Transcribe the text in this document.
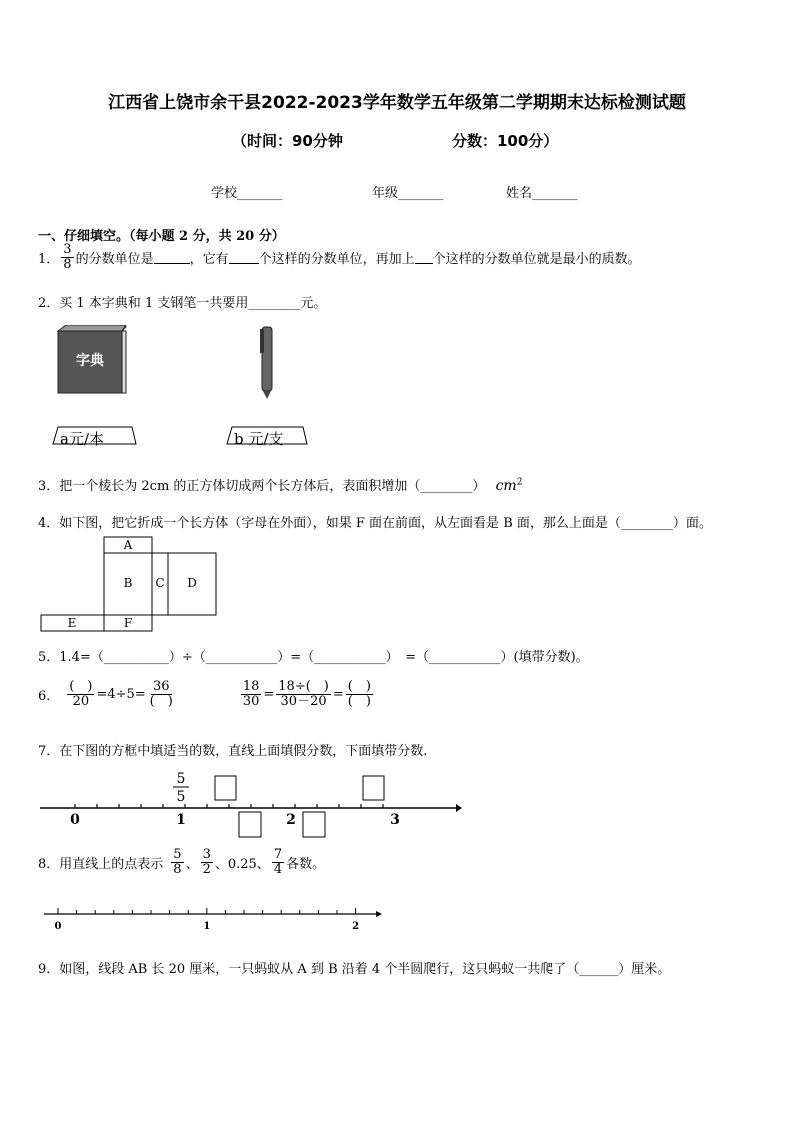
江西省上饶市余干县2022-2023学年数学五年级第二学期期末达标检测试题
（时间：90分钟	分数：100分）
学校_______	年级_______	姓名_______
一、仔细填空。（每小题 2 分，共 20 分）
1． $\frac{3}{8}$ 的分数单位是	，它有 个这样的分数单位，再加上 个这样的分数单位就是最小的质数。
2．买 1 本字典和 1 支钢笔一共要用________元。
字典
a元/本	b 元/支
3．把一个棱长为 2cm 的正方体切成两个长方体后，表面积增加（________） $cm^2$
4．如下图，把它折成一个长方体（字母在外面），如果 F 面在前面，从左面看是 B 面，那么上面是（________）面。
A
B C D
E	F
5．1.4=（__________）÷（___________）=（___________）　=（___________）(填带分数)。
6． $\frac{( )}{20} =4\div 5= \frac{36}{( )}$	$\frac{18}{30} = \frac{18\div( )}{30-20} = \frac{( )}{( )}$
7．在下图的方框中填适当的数，直线上面填假分数，下面填带分数.
0	1	2	3
5
5
8．用直线上的点表示 $\frac{5}{8}$ 、 $\frac{3}{2}$ 、0.25、 $\frac{7}{4}$ 各数。
0	1	2
9．如图，线段 AB 长 20 厘米，一只蚂蚁从 A 到 B 沿着 4 个半圆爬行，这只蚂蚁一共爬了（______）厘米。
